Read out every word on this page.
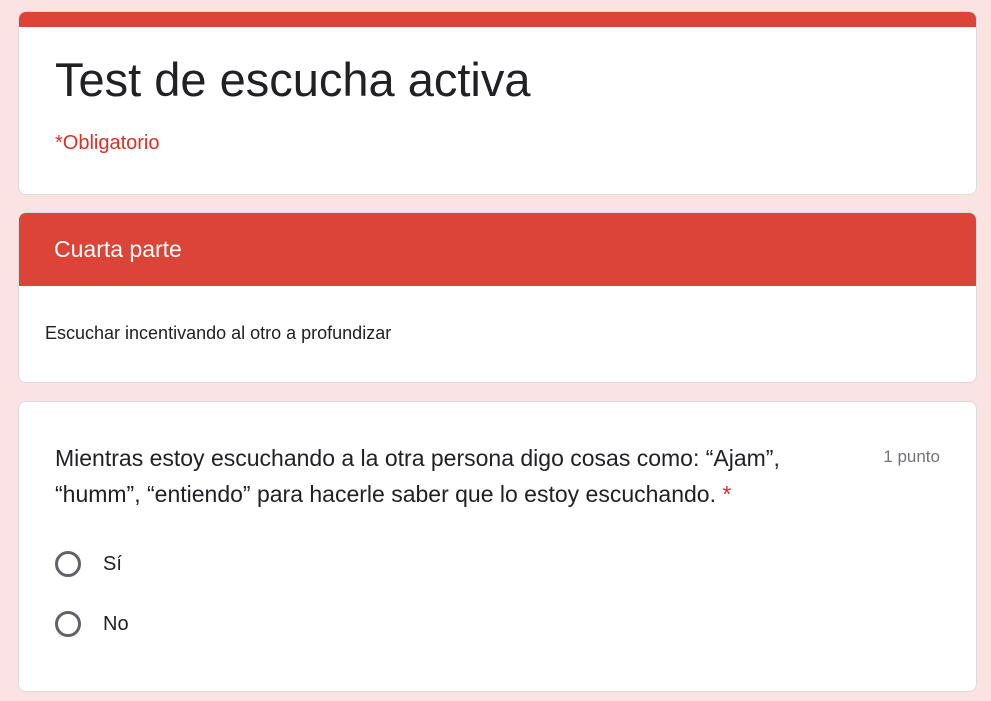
Test de escucha activa
*Obligatorio
Cuarta parte
Escuchar incentivando al otro a profundizar
Mientras estoy escuchando a la otra persona digo cosas como: “Ajam”, “humm”, “entiendo” para hacerle saber que lo estoy escuchando. *
1 punto
Sí
No
